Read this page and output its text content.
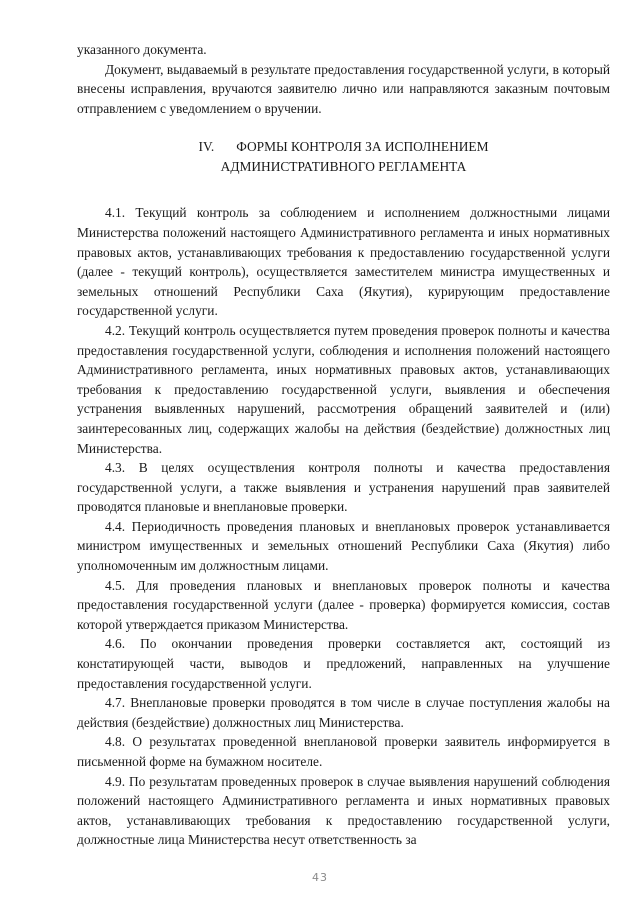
указанного документа.

Документ, выдаваемый в результате предоставления государственной услуги, в который внесены исправления, вручаются заявителю лично или направляются заказным почтовым отправлением с уведомлением о вручении.

IV. ФОРМЫ КОНТРОЛЯ ЗА ИСПОЛНЕНИЕМ
АДМИНИСТРАТИВНОГО РЕГЛАМЕНТА

4.1. Текущий контроль за соблюдением и исполнением должностными лицами Министерства положений настоящего Административного регламента и иных нормативных правовых актов, устанавливающих требования к предоставлению государственной услуги (далее - текущий контроль), осуществляется заместителем министра имущественных и земельных отношений Республики Саха (Якутия), курирующим предоставление государственной услуги.

4.2. Текущий контроль осуществляется путем проведения проверок полноты и качества предоставления государственной услуги, соблюдения и исполнения положений настоящего Административного регламента, иных нормативных правовых актов, устанавливающих требования к предоставлению государственной услуги, выявления и обеспечения устранения выявленных нарушений, рассмотрения обращений заявителей и (или) заинтересованных лиц, содержащих жалобы на действия (бездействие) должностных лиц Министерства.

4.3. В целях осуществления контроля полноты и качества предоставления государственной услуги, а также выявления и устранения нарушений прав заявителей проводятся плановые и внеплановые проверки.

4.4. Периодичность проведения плановых и внеплановых проверок устанавливается министром имущественных и земельных отношений Республики Саха (Якутия) либо уполномоченным им должностным лицами.

4.5. Для проведения плановых и внеплановых проверок полноты и качества предоставления государственной услуги (далее - проверка) формируется комиссия, состав которой утверждается приказом Министерства.

4.6. По окончании проведения проверки составляется акт, состоящий из констатирующей части, выводов и предложений, направленных на улучшение предоставления государственной услуги.

4.7. Внеплановые проверки проводятся в том числе в случае поступления жалобы на действия (бездействие) должностных лиц Министерства.

4.8. О результатах проведенной внеплановой проверки заявитель информируется в письменной форме на бумажном носителе.

4.9. По результатам проведенных проверок в случае выявления нарушений соблюдения положений настоящего Административного регламента и иных нормативных правовых актов, устанавливающих требования к предоставлению государственной услуги, должностные лица Министерства несут ответственность за

43
